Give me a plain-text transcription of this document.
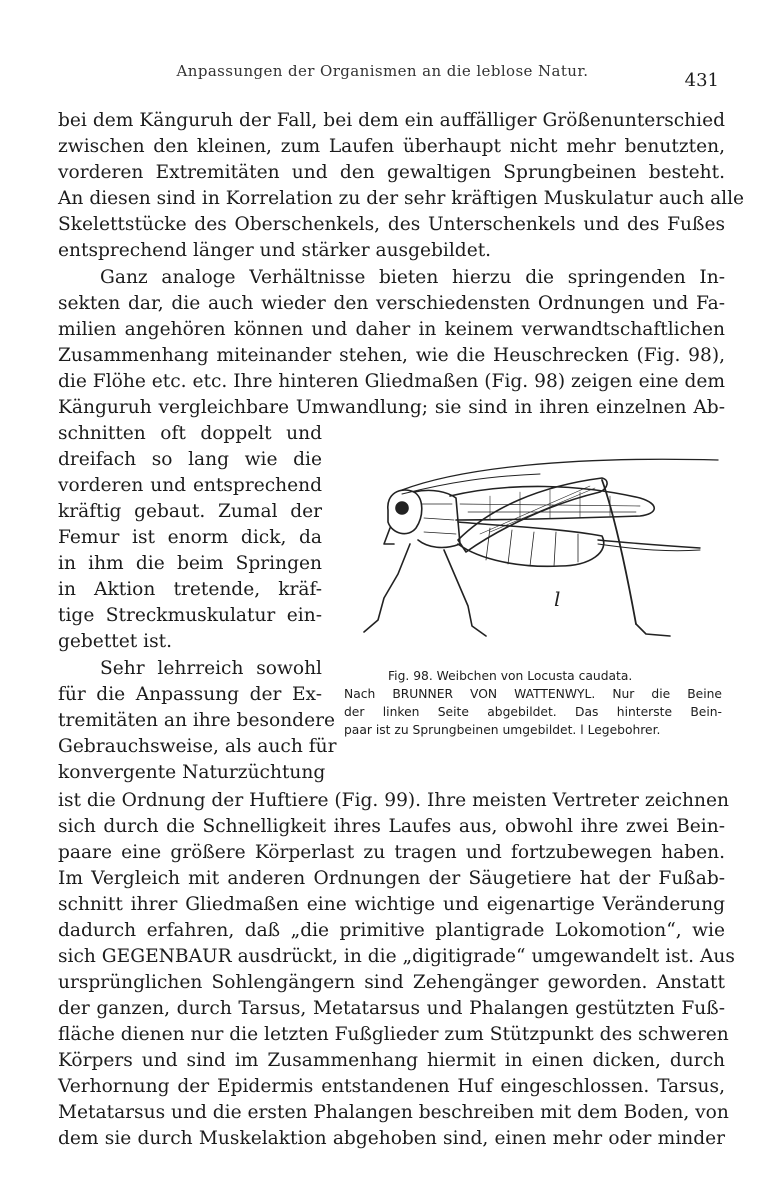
Anpassungen der Organismen an die leblose Natur.	431
bei dem Känguruh der Fall, bei dem ein auffälliger Größenunterschied
zwischen den kleinen, zum Laufen überhaupt nicht mehr benutzten,
vorderen Extremitäten und den gewaltigen Sprungbeinen besteht.
An diesen sind in Korrelation zu der sehr kräftigen Muskulatur auch alle
Skelettstücke des Oberschenkels, des Unterschenkels und des Fußes
entsprechend länger und stärker ausgebildet.
Ganz analoge Verhältnisse bieten hierzu die springenden In-
sekten dar, die auch wieder den verschiedensten Ordnungen und Fa-
milien angehören können und daher in keinem verwandtschaftlichen
Zusammenhang miteinander stehen, wie die Heuschrecken (Fig. 98),
die Flöhe etc. etc. Ihre hinteren Gliedmaßen (Fig. 98) zeigen eine dem
Känguruh vergleichbare Umwandlung; sie sind in ihren einzelnen Ab-
schnitten oft doppelt und
dreifach so lang wie die
vorderen und entsprechend
kräftig gebaut. Zumal der
Femur ist enorm dick, da
in ihm die beim Springen
in Aktion tretende, kräf-
tige Streckmuskulatur ein-
gebettet ist.
Sehr lehrreich sowohl
für die Anpassung der Ex-
tremitäten an ihre besondere
Gebrauchsweise, als auch für
konvergente Naturzüchtung
ist die Ordnung der Huftiere (Fig. 99). Ihre meisten Vertreter zeichnen
sich durch die Schnelligkeit ihres Laufes aus, obwohl ihre zwei Bein-
paare eine größere Körperlast zu tragen und fortzubewegen haben.
Im Vergleich mit anderen Ordnungen der Säugetiere hat der Fußab-
schnitt ihrer Gliedmaßen eine wichtige und eigenartige Veränderung
dadurch erfahren, daß „die primitive plantigrade Lokomotion“, wie
sich GEGENBAUR ausdrückt, in die „digitigrade“ umgewandelt ist. Aus
ursprünglichen Sohlengängern sind Zehengänger geworden. Anstatt
der ganzen, durch Tarsus, Metatarsus und Phalangen gestützten Fuß-
fläche dienen nur die letzten Fußglieder zum Stützpunkt des schweren
Körpers und sind im Zusammenhang hiermit in einen dicken, durch
Verhornung der Epidermis entstandenen Huf eingeschlossen. Tarsus,
Metatarsus und die ersten Phalangen beschreiben mit dem Boden, von
dem sie durch Muskelaktion abgehoben sind, einen mehr oder minder
l
Fig. 98. Weibchen von Locusta caudata.
Nach BRUNNER VON WATTENWYL. Nur die Beine
der linken Seite abgebildet. Das hinterste Bein-
paar ist zu Sprungbeinen umgebildet. l Legebohrer.
